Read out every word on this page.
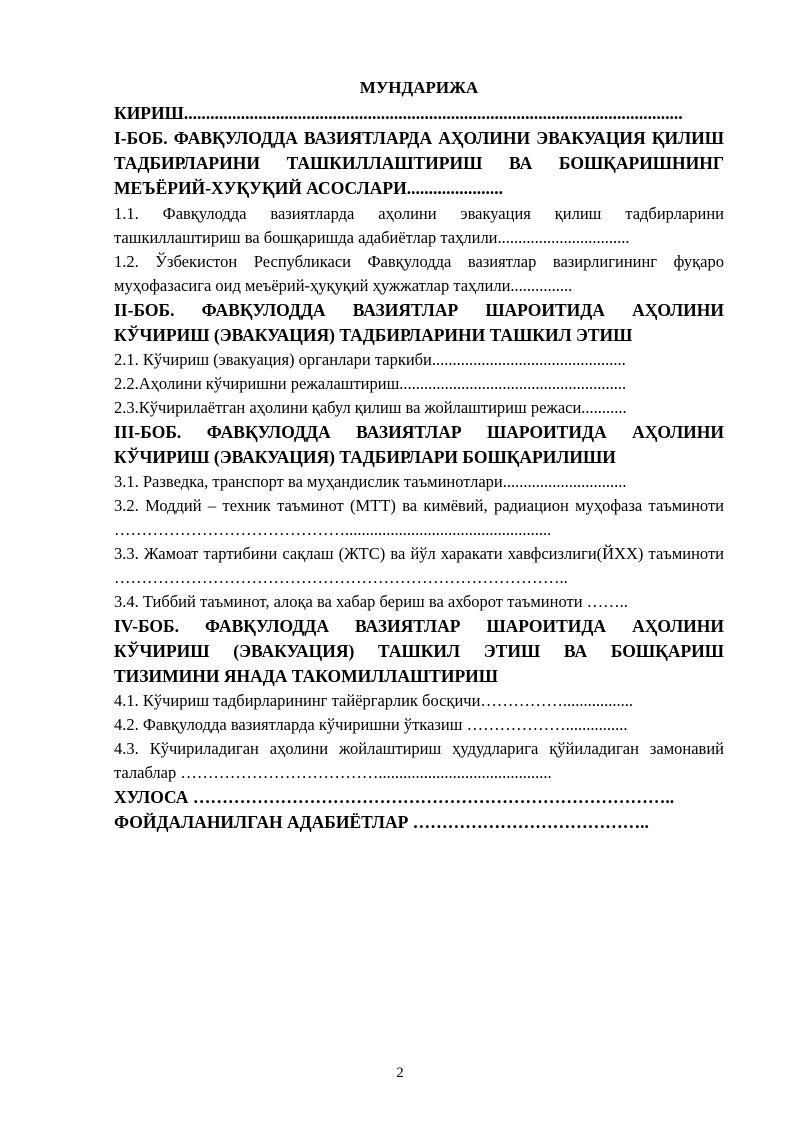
МУНДАРИЖА

КИРИШ..................................................................................................................

I-БОБ. ФАВҚУЛОДДА ВАЗИЯТЛАРДА АҲОЛИНИ ЭВАКУАЦИЯ ҚИЛИШ ТАДБИРЛАРИНИ ТАШКИЛЛАШТИРИШ ВА БОШҚАРИШНИНГ МЕЪЁРИЙ-ХУҚУҚИЙ АСОСЛАРИ......................

1.1. Фавқулодда вазиятларда аҳолини эвакуация қилиш тадбирларини ташкиллаштириш ва бошқаришда адабиётлар таҳлили................................

1.2. Ўзбекистон Республикаси Фавқулодда вазиятлар вазирлигининг фуқаро муҳофазасига оид меъёрий-ҳуқуқий ҳужжатлар таҳлили...............

II-БОБ. ФАВҚУЛОДДА ВАЗИЯТЛАР ШАРОИТИДА АҲОЛИНИ КЎЧИРИШ (ЭВАКУАЦИЯ) ТАДБИРЛАРИНИ ТАШКИЛ ЭТИШ

2.1. Кўчириш (эвакуация) органлари таркиби...............................................

2.2.Аҳолини кўчиришни режалаштириш.......................................................

2.3.Кўчирилаётган аҳолини қабул қилиш ва жойлаштириш режаси...........

III-БОБ. ФАВҚУЛОДДА ВАЗИЯТЛАР ШАРОИТИДА АҲОЛИНИ КЎЧИРИШ (ЭВАКУАЦИЯ) ТАДБИРЛАРИ БОШҚАРИЛИШИ

3.1. Разведка, транспорт ва муҳандислик таъминотлари..............................

3.2. Моддий – техник таъминот (МТТ) ва кимёвий, радиацион муҳофаза таъминоти ……………………………………..................................................

3.3. Жамоат тартибини сақлаш (ЖТС) ва йўл харакати хавфсизлиги(ЙХХ) таъминоти ………………………………………………………………………..

3.4. Тиббий таъминот, алоқа ва хабар бериш ва ахборот таъминоти ……..

IV-БОБ. ФАВҚУЛОДДА ВАЗИЯТЛАР ШАРОИТИДА АҲОЛИНИ КЎЧИРИШ (ЭВАКУАЦИЯ) ТАШКИЛ ЭТИШ ВА БОШҚАРИШ ТИЗИМИНИ ЯНАДА ТАКОМИЛЛАШТИРИШ

4.1. Кўчириш тадбирларининг тайёргарлик босқичи…………….................

4.2. Фавқулодда вазиятларда кўчиришни ўтказиш ………………...............

4.3. Кўчириладиган аҳолини жойлаштириш ҳудудларига қўйиладиган замонавий талаблар ………………………………..........................................

ХУЛОСА ………………………………………………………………………..

ФОЙДАЛАНИЛГАН АДАБИЁТЛАР …………………………………..

2
